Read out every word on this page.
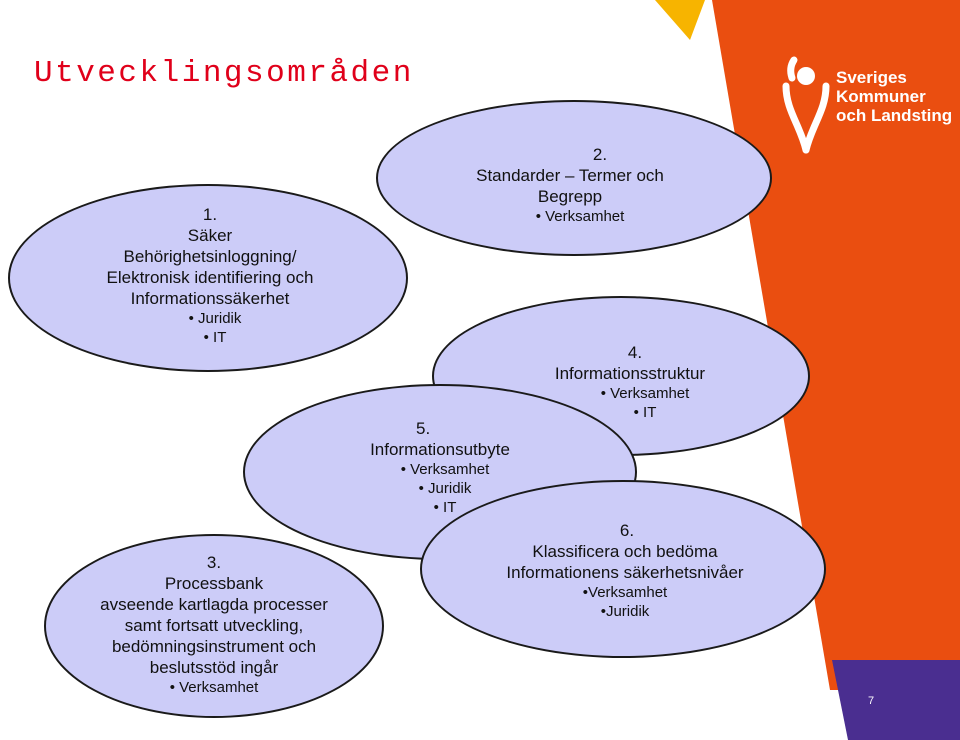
Utvecklingsområden	Sveriges
Kommuner
och Landsting
1.
Säker
Behörighetsinloggning/
Elektronisk identifiering och
Informationssäkerhet
• Juridik
• IT
2.
Standarder – Termer och
Begrepp
• Verksamhet
3.
Processbank
avseende kartlagda processer
samt fortsatt utveckling,
bedömningsinstrument och
beslutsstöd ingår
• Verksamhet
4.
Informationsstruktur
• Verksamhet
• IT
5.
Informationsutbyte
• Verksamhet
• Juridik
• IT
6.
Klassificera och bedöma
Informationens säkerhetsnivåer
•Verksamhet
•Juridik
7
